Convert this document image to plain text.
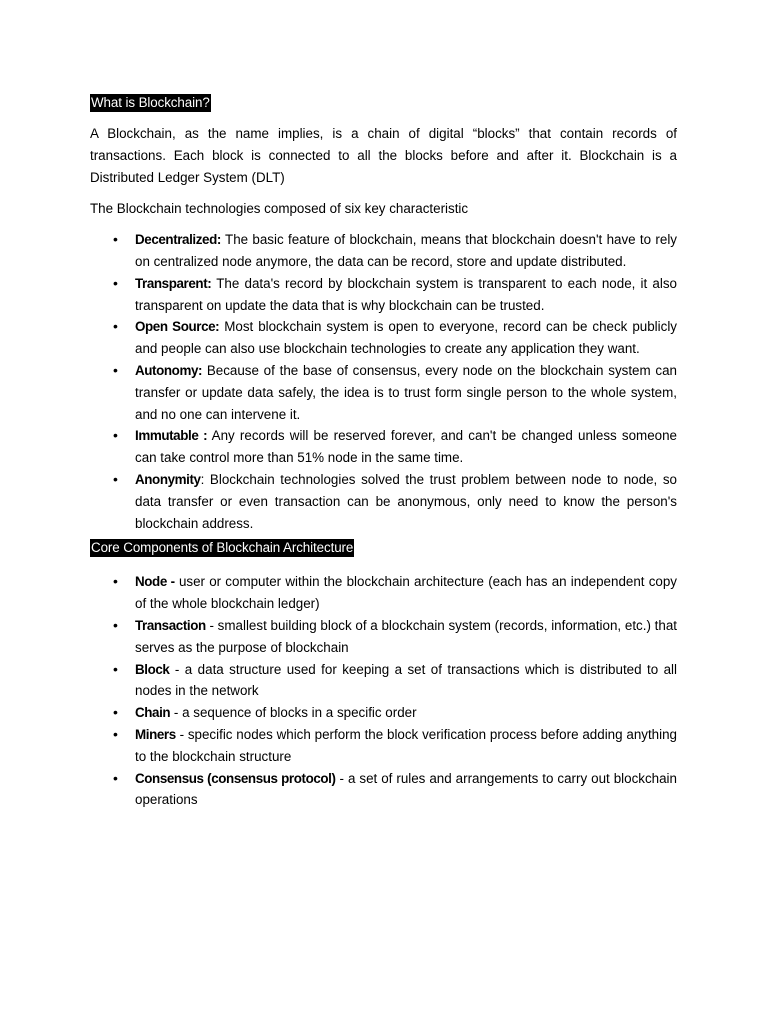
What is Blockchain?

A Blockchain, as the name implies, is a chain of digital “blocks” that contain records of transactions. Each block is connected to all the blocks before and after it. Blockchain is a Distributed Ledger System (DLT)

The Blockchain technologies composed of six key characteristic

• Decentralized: The basic feature of blockchain, means that blockchain doesn't have to rely on centralized node anymore, the data can be record, store and update distributed.
• Transparent: The data's record by blockchain system is transparent to each node, it also transparent on update the data that is why blockchain can be trusted.
• Open Source: Most blockchain system is open to everyone, record can be check publicly and people can also use blockchain technologies to create any application they want.
• Autonomy: Because of the base of consensus, every node on the blockchain system can transfer or update data safely, the idea is to trust form single person to the whole system, and no one can intervene it.
• Immutable : Any records will be reserved forever, and can't be changed unless someone can take control more than 51% node in the same time.
• Anonymity: Blockchain technologies solved the trust problem between node to node, so data transfer or even transaction can be anonymous, only need to know the person's blockchain address.

Core Components of Blockchain Architecture

• Node - user or computer within the blockchain architecture (each has an independent copy of the whole blockchain ledger)
• Transaction - smallest building block of a blockchain system (records, information, etc.) that serves as the purpose of blockchain
• Block - a data structure used for keeping a set of transactions which is distributed to all nodes in the network
• Chain - a sequence of blocks in a specific order
• Miners - specific nodes which perform the block verification process before adding anything to the blockchain structure
• Consensus (consensus protocol) - a set of rules and arrangements to carry out blockchain operations
